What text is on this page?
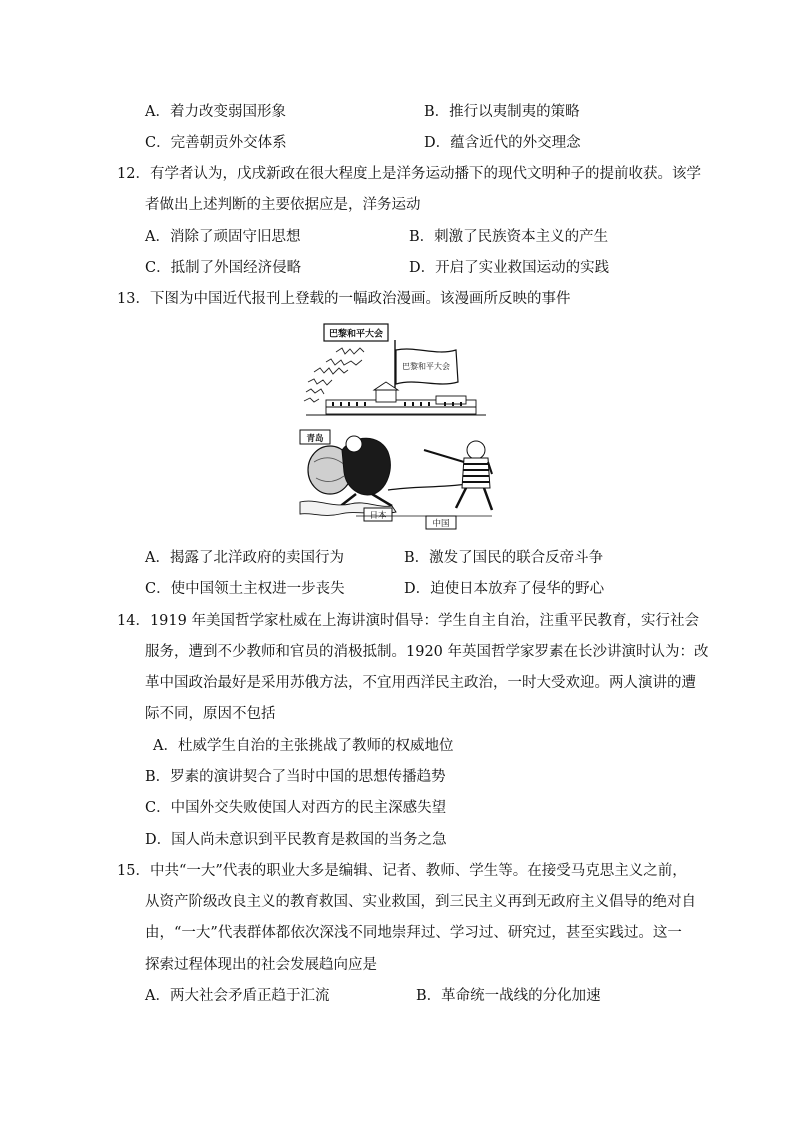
A．着力改变弱国形象	B．推行以夷制夷的策略
C．完善朝贡外交体系	D．蕴含近代的外交理念
12．有学者认为，戊戌新政在很大程度上是洋务运动播下的现代文明种子的提前收获。该学
者做出上述判断的主要依据应是，洋务运动
A．消除了顽固守旧思想	B．刺激了民族资本主义的产生
C．抵制了外国经济侵略	D．开启了实业救国运动的实践
13．下图为中国近代报刊上登载的一幅政治漫画。该漫画所反映的事件
巴黎和平大会
巴黎和平大会
青岛
日本
中国
A．揭露了北洋政府的卖国行为	B．激发了国民的联合反帝斗争
C．使中国领土主权进一步丧失	D．迫使日本放弃了侵华的野心
14．1919 年美国哲学家杜威在上海讲演时倡导：学生自主自治，注重平民教育，实行社会
服务，遭到不少教师和官员的消极抵制。1920 年英国哲学家罗素在长沙讲演时认为：改
革中国政治最好是采用苏俄方法，不宜用西洋民主政治，一时大受欢迎。两人演讲的遭
际不同，原因不包括
A．杜威学生自治的主张挑战了教师的权威地位
B．罗素的演讲契合了当时中国的思想传播趋势
C．中国外交失败使国人对西方的民主深感失望
D．国人尚未意识到平民教育是救国的当务之急
15．中共“一大”代表的职业大多是编辑、记者、教师、学生等。在接受马克思主义之前，
从资产阶级改良主义的教育救国、实业救国，到三民主义再到无政府主义倡导的绝对自
由，“一大”代表群体都依次深浅不同地崇拜过、学习过、研究过，甚至实践过。这一
探索过程体现出的社会发展趋向应是
A．两大社会矛盾正趋于汇流	B．革命统一战线的分化加速
